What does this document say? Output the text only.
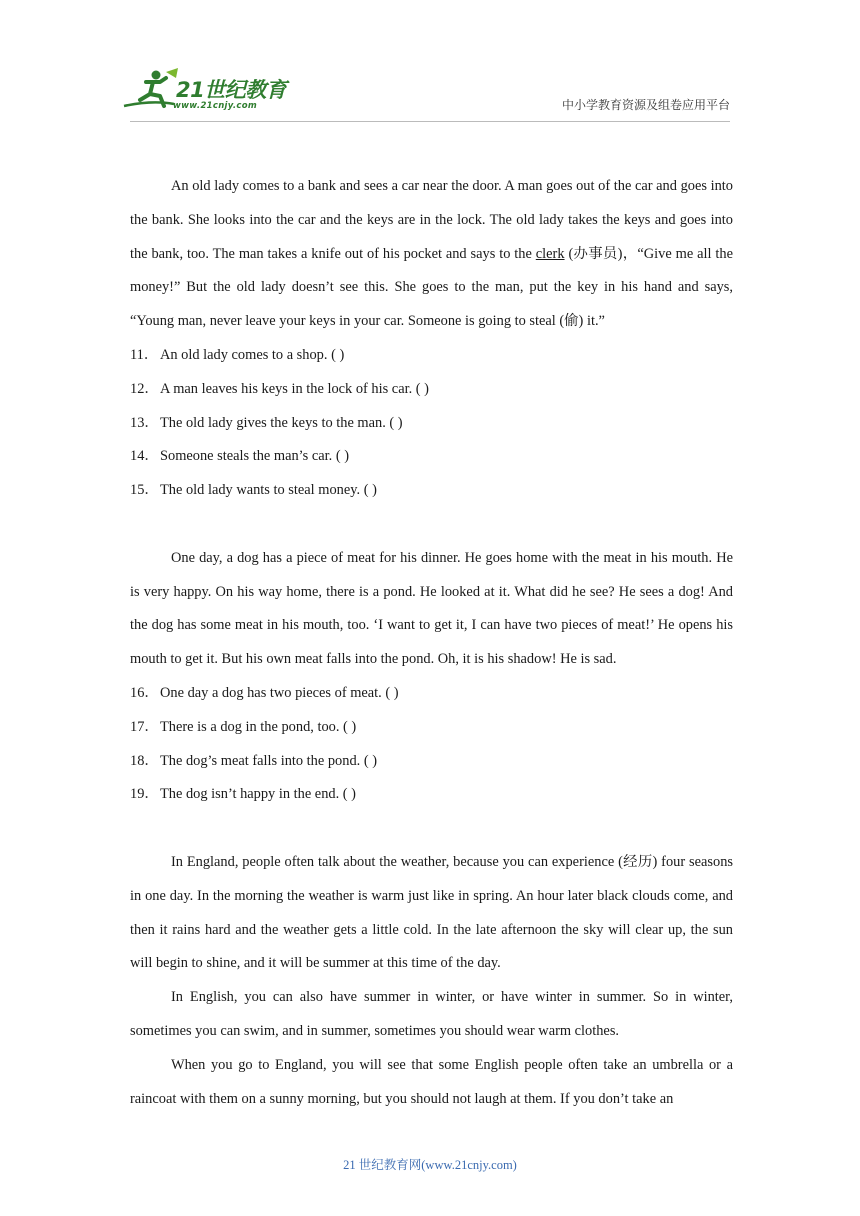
21世纪教育
www.21cnjy.com	中小学教育资源及组卷应用平台

An old lady comes to a bank and sees a car near the door. A man goes out of the car and goes into the bank. She looks into the car and the keys are in the lock. The old lady takes the keys and goes into the bank, too. The man takes a knife out of his pocket and says to the clerk (办事员)，“Give me all the money!” But the old lady doesn’t see this. She goes to the man, put the key in his hand and says, “Young man, never leave your keys in your car. Someone is going to steal (偷) it.”

11． An old lady comes to a shop. ( )

12．A man leaves his keys in the lock of his car. ( )

13．The old lady gives the keys to the man. ( )

14．Someone steals the man’s car. ( )

15．The old lady wants to steal money. ( )

One day, a dog has a piece of meat for his dinner. He goes home with the meat in his mouth. He is very happy. On his way home, there is a pond. He looked at it. What did he see? He sees a dog! And the dog has some meat in his mouth, too. ‘I want to get it, I can have two pieces of meat!’ He opens his mouth to get it. But his own meat falls into the pond. Oh, it is his shadow! He is sad.

16．One day a dog has two pieces of meat. ( )

17．There is a dog in the pond, too. ( )

18．The dog’s meat falls into the pond. ( )

19．The dog isn’t happy in the end. ( )

In England, people often talk about the weather, because you can experience (经历) four seasons in one day. In the morning the weather is warm just like in spring. An hour later black clouds come, and then it rains hard and the weather gets a little cold. In the late afternoon the sky will clear up, the sun will begin to shine, and it will be summer at this time of the day.

In English, you can also have summer in winter, or have winter in summer. So in winter, sometimes you can swim, and in summer, sometimes you should wear warm clothes.

When you go to England, you will see that some English people often take an umbrella or a raincoat with them on a sunny morning, but you should not laugh at them. If you don’t take an

21 世纪教育网(www.21cnjy.com)
